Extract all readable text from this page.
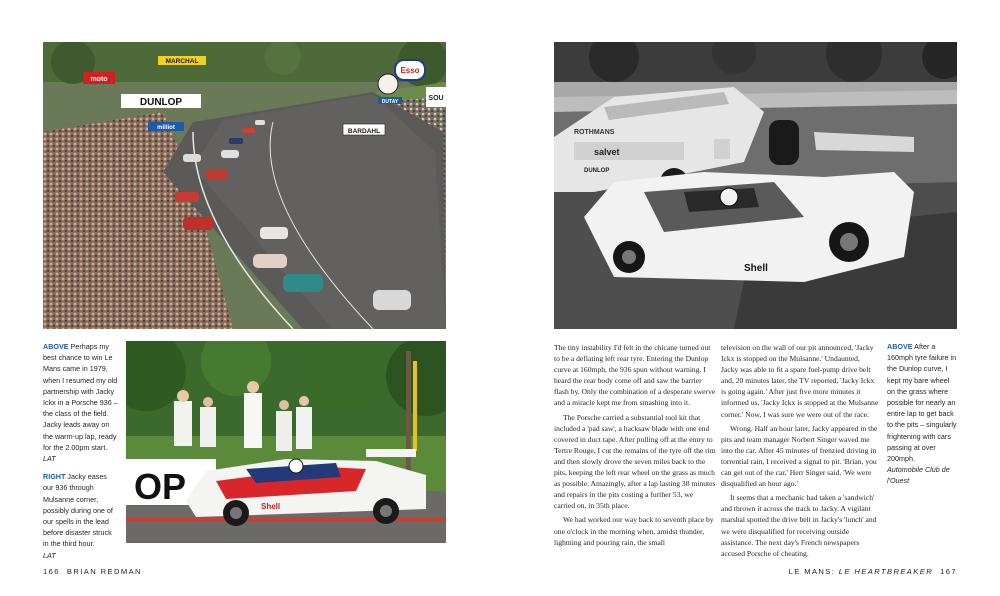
DUNLOP
MARCHAL
moto
Esso
milliot	BARDAHL
DUTAY	SOU

ABOVE Perhaps my best chance to win Le Mans came in 1979, when I resumed my old partnership with Jacky Ickx in a Porsche 936 – the class of the field. Jacky leads away on the warm-up lap, ready for the 2.00pm start.
LAT

RIGHT Jacky eases our 936 through Mulsanne corner, possibly during one of our spells in the lead before disaster struck in the third hour.
LAT

OP	Shell
166 BRIAN REDMAN
salvet
DUNLOP
ROTHMANS
Shell

The tiny instability I'd felt in the chicane turned out to be a deflating left rear tyre. Entering the Dunlop curve at 160mph, the 936 spun without warning. I heard the rear body come off and saw the barrier flash by. Only the combination of a desperate swerve and a miracle kept me from smashing into it.

The Porsche carried a substantial tool kit that included a 'pad saw', a hacksaw blade with one end covered in duct tape. After pulling off at the entry to Tertre Rouge, I cut the remains of the tyre off the rim and then slowly drove the seven miles back to the pits, keeping the left rear wheel on the grass as much as possible. Amazingly, after a lap lasting 38 minutes and repairs in the pits costing a further 53, we carried on, in 35th place.

We had worked our way back to seventh place by one o'clock in the morning when, amidst thunder, lightning and pouring rain, the small

television on the wall of our pit announced, 'Jacky Ickx is stopped on the Mulsanne.' Undaunted, Jacky was able to fit a spare fuel-pump drive belt and, 20 minutes later, the TV reported, 'Jacky Ickx is going again.' After just five more minutes it informed us, 'Jacky Ickx is stopped at the Mulsanne corner.' Now, I was sure we were out of the race.

Wrong. Half an hour later, Jacky appeared in the pits and team manager Norbert Singer waved me into the car. After 45 minutes of frenzied driving in torrential rain, I received a signal to pit. 'Brian, you can get out of the car,' Herr Singer said. 'We were disqualified an hour ago.'

It seems that a mechanic had taken a 'sandwich' and thrown it across the track to Jacky. A vigilant marshal spotted the drive belt in Jacky's 'lunch' and we were disqualified for receiving outside assistance. The next day's French newspapers accused Porsche of cheating.

ABOVE After a 160mph tyre failure in the Dunlop curve, I kept my bare wheel on the grass where possible for nearly an entire lap to get back to the pits – singularly frightening with cars passing at over 200mph.
Automobile Club de l'Ouest

LE MANS: LE HEARTBREAKER 167
